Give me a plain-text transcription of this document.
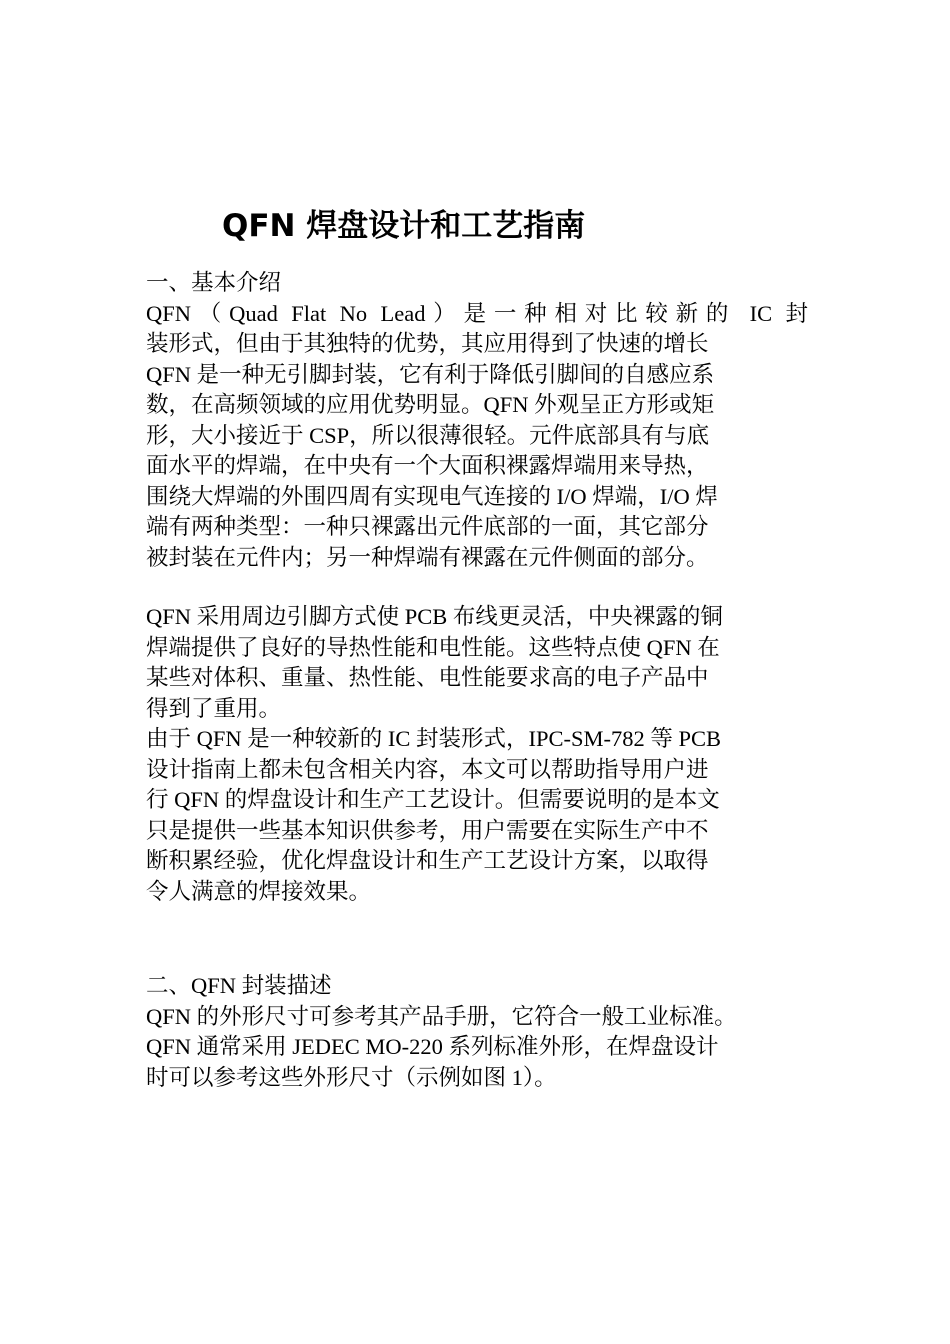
QFN 焊盘设计和工艺指南
一、基本介绍
QFN（Quad Flat No Lead）是一种相对比较新的 IC 封
装形式，但由于其独特的优势，其应用得到了快速的增长
QFN 是一种无引脚封装，它有利于降低引脚间的自感应系
数，在高频领域的应用优势明显。QFN 外观呈正方形或矩
形，大小接近于 CSP，所以很薄很轻。元件底部具有与底
面水平的焊端，在中央有一个大面积裸露焊端用来导热，
围绕大焊端的外围四周有实现电气连接的 I/O 焊端，I/O 焊
端有两种类型：一种只裸露出元件底部的一面，其它部分
被封装在元件内；另一种焊端有裸露在元件侧面的部分。
QFN 采用周边引脚方式使 PCB 布线更灵活，中央裸露的铜
焊端提供了良好的导热性能和电性能。这些特点使 QFN 在
某些对体积、重量、热性能、电性能要求高的电子产品中
得到了重用。
由于 QFN 是一种较新的 IC 封装形式，IPC-SM-782 等 PCB
设计指南上都未包含相关内容，本文可以帮助指导用户进
行 QFN 的焊盘设计和生产工艺设计。但需要说明的是本文
只是提供一些基本知识供参考，用户需要在实际生产中不
断积累经验，优化焊盘设计和生产工艺设计方案，以取得
令人满意的焊接效果。
二、QFN 封装描述
QFN 的外形尺寸可参考其产品手册，它符合一般工业标准。
QFN 通常采用 JEDEC MO-220 系列标准外形，在焊盘设计
时可以参考这些外形尺寸（示例如图 1）。
